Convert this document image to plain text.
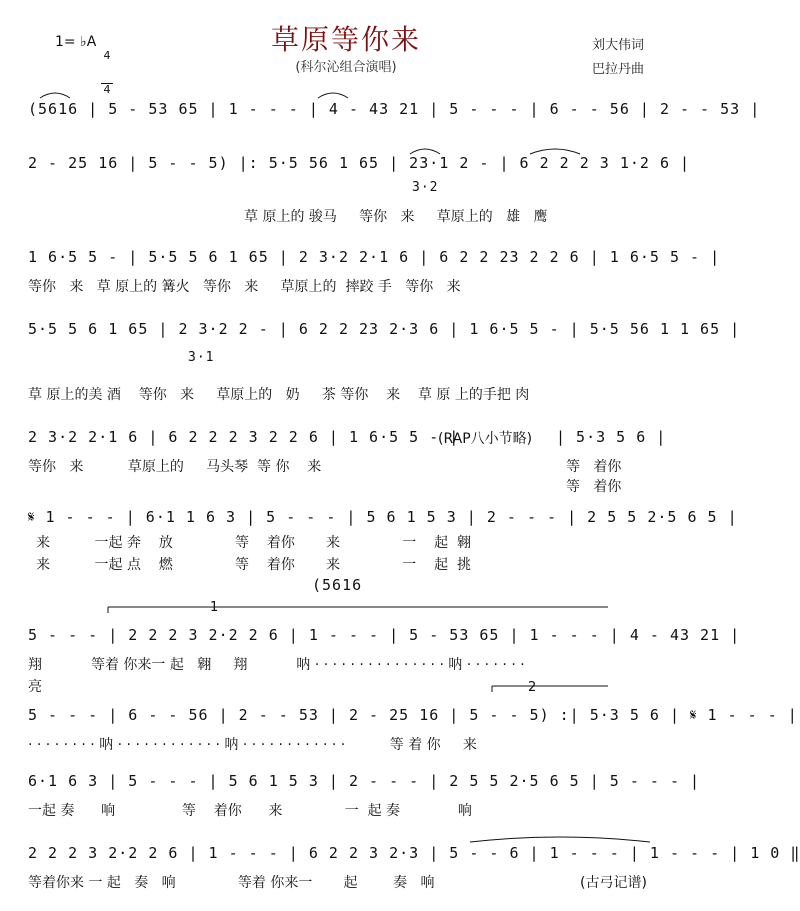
草原等你来
(科尔沁组合演唱)
1= ♭A

4

4

刘大伟词
巴拉丹曲
(5616 | 5 - 53 65 | 1 - - - | 4 - 43 21 | 5 - - - | 6 - - 56 | 2 - - 53 |
2 - 25 16 | 5 - - 5) |: 5·5 56 1 65 | 23·1 2 - | 6 2 2 2 3 1·2 6 |
3·2
草 原上的 骏马     等你   来     草原上的   雄   鹰
1 6·5 5 - | 5·5 5 6 1 65 | 2 3·2 2·1 6 | 6 2 2 23 2 2 6 | 1 6·5 5 - |
等你   来   草 原上的 篝火   等你   来     草原上的  摔跤 手   等你   来
5·5 5 6 1 65 | 2 3·2 2 - | 6 2 2 23 2·3 6 | 1 6·5 5 - | 5·5 56 1 1 65 |
3·1
草 原上的美 酒    等你   来     草原上的   奶     茶 等你    来    草 原 上的手把 肉
2 3·2 2·1 6 | 6 2 2 2 3 2 2 6 | 1 6·5 5 - |
(RAP八小节略) | 5·3 5 6 |
等你   来          草原上的     马头琴  等 你    来	等   着你
等   着你
𝄋 1 - - - | 6·1 1 6 3 | 5 - - - | 5 6 1 5 3 | 2 - - - | 2 5 5 2·5 6 5 |
来          一起 奔    放              等    着你       来              一    起  翱
来          一起 点    燃              等    着你       来              一    起  挑
(5616
1
5 - - - | 2 2 2 3 2·2 2 6 | 1 - - - | 5 - 53 65 | 1 - - - | 4 - 43 21 |
翔           等着 你来一 起   翱     翔           呐 · · · · · · · · · · · · · · · 呐 · · · · · · ·
亮	2
5 - - - | 6 - - 56 | 2 - - 53 | 2 - 25 16 | 5 - - 5) :| 5·3 5 6 | 𝄋 1 - - - |
· · · · · · · · 呐 · · · · · · · · · · · · 呐 · · · · · · · · · · · ·          等 着 你     来
6·1 6 3 | 5 - - - | 5 6 1 5 3 | 2 - - - | 2 5 5 2·5 6 5 | 5 - - - |
一起 奏      响               等    着你      来              一  起 奏             响
2 2 2 3 2·2 2 6 | 1 - - - | 6 2 2 3 2·3 | 5 - - 6 | 1 - - - | 1 - - - | 1 0 ‖
等着你来 一 起   奏   响              等着 你来一       起        奏   响	(古弓记谱)
